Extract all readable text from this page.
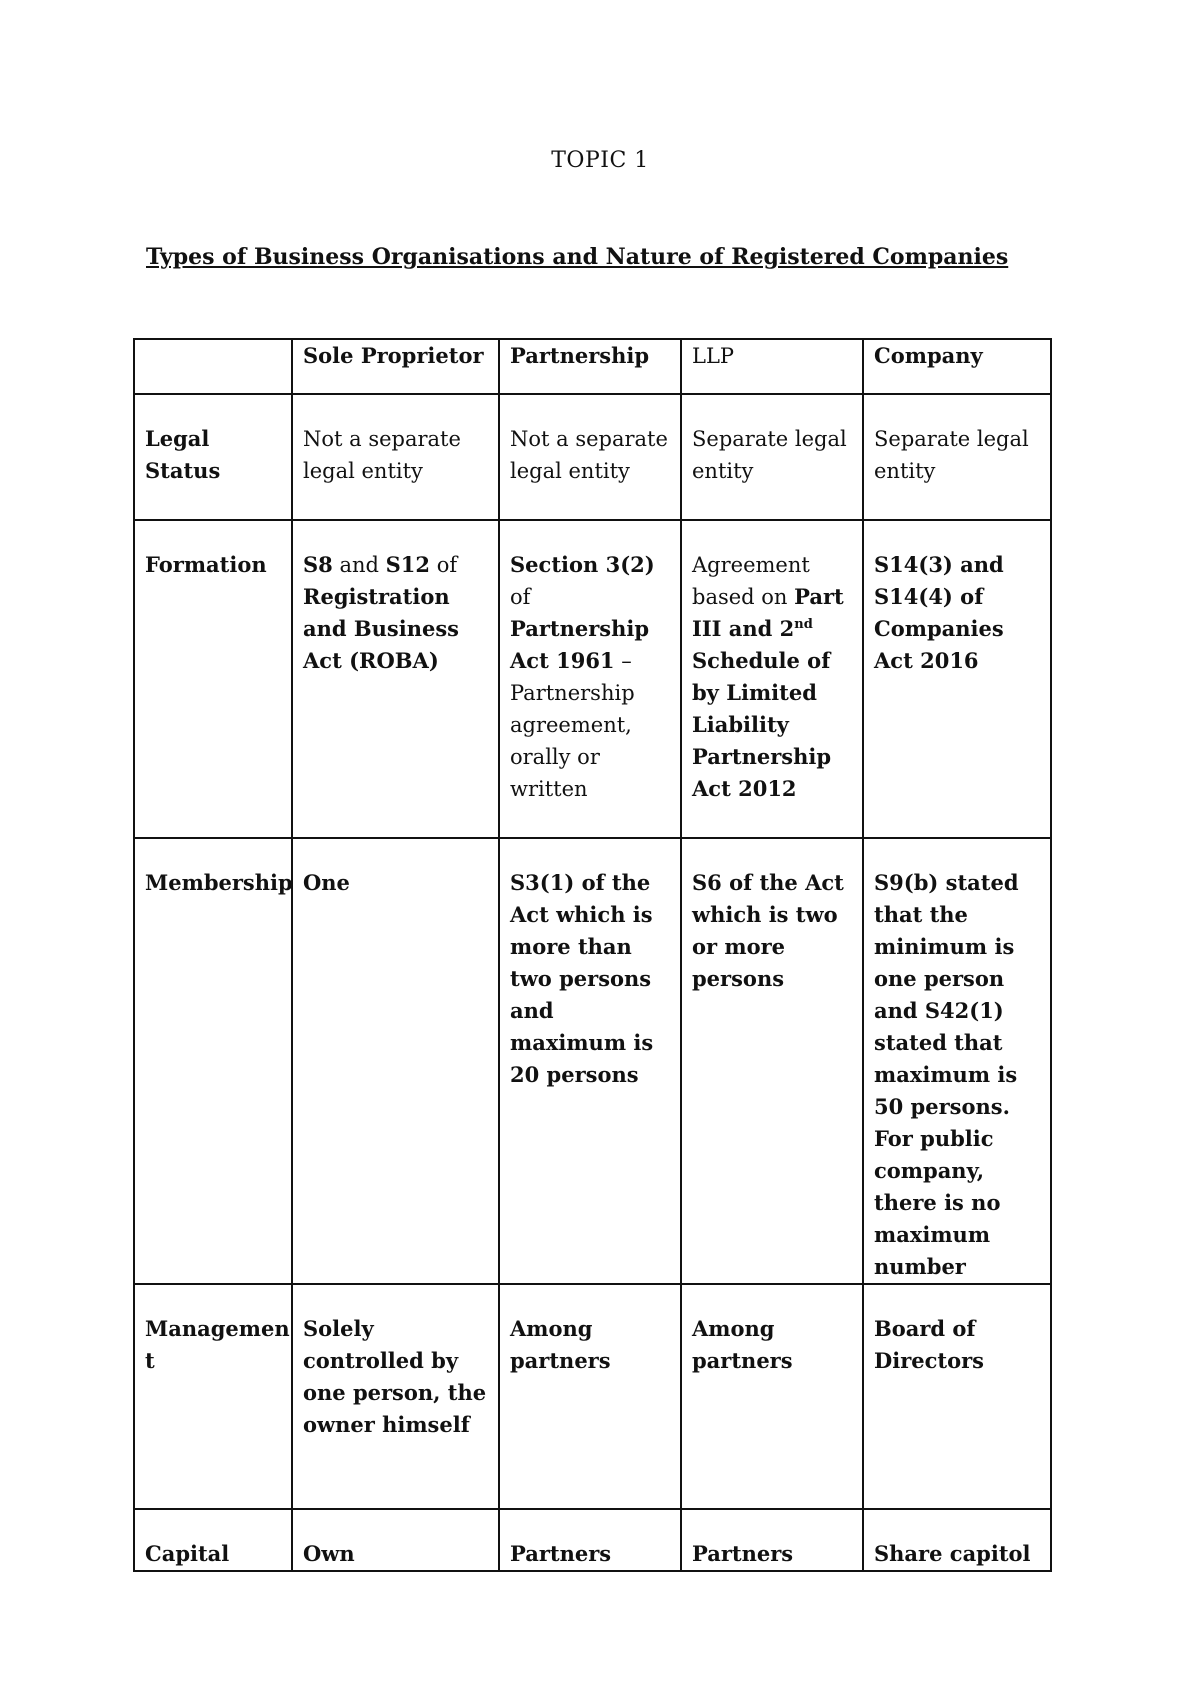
TOPIC 1
Types of Business Organisations and Nature of Registered Companies
	Sole Proprietor	Partnership	LLP	Company
Legal Status	Not a separate legal entity	Not a separate legal entity	Separate legal entity	Separate legal entity
Formation	S8 and S12 of Registration and Business Act (ROBA)	Section 3(2) of Partnership Act 1961 – Partnership agreement, orally or written	Agreement based on Part III and 2nd Schedule of by Limited Liability Partnership Act 2012	S14(3) and S14(4) of Companies Act 2016
Membership	One	S3(1) of the Act which is more than two persons and maximum is 20 persons	S6 of the Act which is two or more persons	S9(b) stated that the minimum is one person and S42(1) stated that maximum is 50 persons. For public company, there is no maximum number
Managemen t	Solely controlled by one person, the owner himself	Among partners	Among partners	Board of Directors
Capital	Own	Partners	Partners	Share capitol
